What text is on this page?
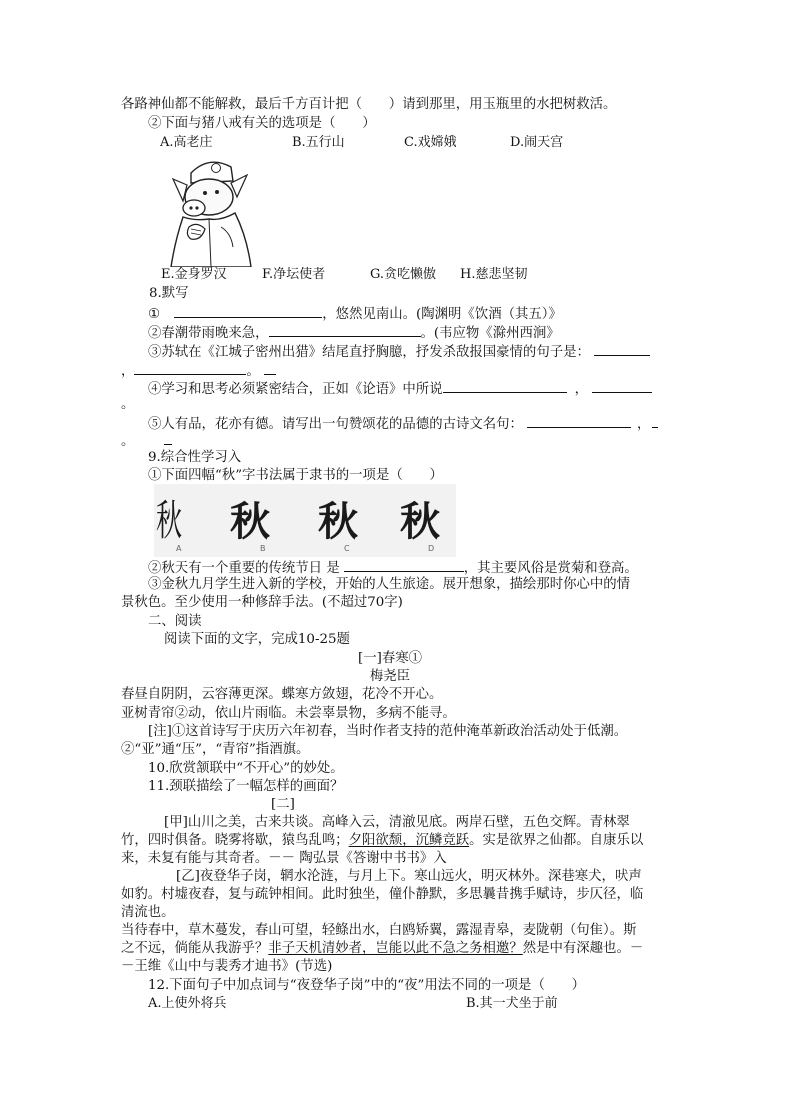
各路神仙都不能解救，最后千方百计把（　　）请到那里，用玉瓶里的水把树救活。
②下面与猪八戒有关的选项是（　　）
A.高老庄	B.五行山	C.戏嫦娥	D.闹天宫
E.金身罗汉	F.净坛使者	G.贪吃懒傲 H.慈悲坚韧
8.默写
①	，悠然见南山。(陶渊明《饮酒（其五）》
②春潮带雨晚来急，	。(韦应物《滁州西涧》
③苏轼在《江城子密州出猎》结尾直抒胸臆，抒发杀敌报国豪情的句子是：
，	。
④学习和思考必须紧密结合，正如《论语》中所说	，
。
⑤人有品，花亦有德。请写出一句赞颂花的品德的古诗文名句：	，
。
9.综合性学习入
①下面四幅“秋”字书法属于隶书的一项是（　　）
秋 秋 秋 秋
A	B	C	D
②秋天有一个重要的传统节日 是	，其主要风俗是赏菊和登高。
③金秋九月学生进入新的学校，开始的人生旅途。展开想象，描绘那时你心中的情
景秋色。至少使用一种修辞手法。(不超过70字)
二、阅读
阅读下面的文字，完成10-25题
[一]春寒①
梅尧臣
春昼自阴阴，云容薄更深。蝶寒方敛翅，花冷不开心。
亚树青帘②动，依山片雨临。未尝辜景物，多病不能寻。
[注]①这首诗写于庆历六年初春，当时作者支持的范仲淹革新政治活动处于低潮。
②“亚”通“压”，“青帘”指酒旗。
10.欣赏颔联中“不开心”的妙处。
11.颈联描绘了一幅怎样的画面？
[二]
[甲]山川之美，古来共谈。高峰入云，清澈见底。两岸石壁，五色交辉。青林翠
竹，四时俱备。晓雾将歇，猿鸟乱鸣；夕阳欲颓，沉鳞竞跃。实是欲界之仙都。自康乐以
来，未复有能与其奇者。－－ 陶弘景《答谢中书书》入
[乙]夜登华子岗，辋水沦涟，与月上下。寒山远火，明灭林外。深巷寒犬，吠声
如豹。村墟夜舂，复与疏钟相间。此时独坐，僮仆静默，多思曩昔携手赋诗，步仄径，临
清流也。
当待春中，草木蔓发，春山可望，轻鲦出水，白鸥矫翼，露湿青皋，麦陇朝（句隹）。斯
之不远，倘能从我游乎？非子天机清妙者，岂能以此不急之务相邀？然是中有深趣也。－
－王维《山中与裴秀才迪书》(节选)
12.下面句子中加点词与“夜登华子岗”中的“夜”用法不同的一项是（　　）
A.上使外将兵	B.其一犬坐于前
